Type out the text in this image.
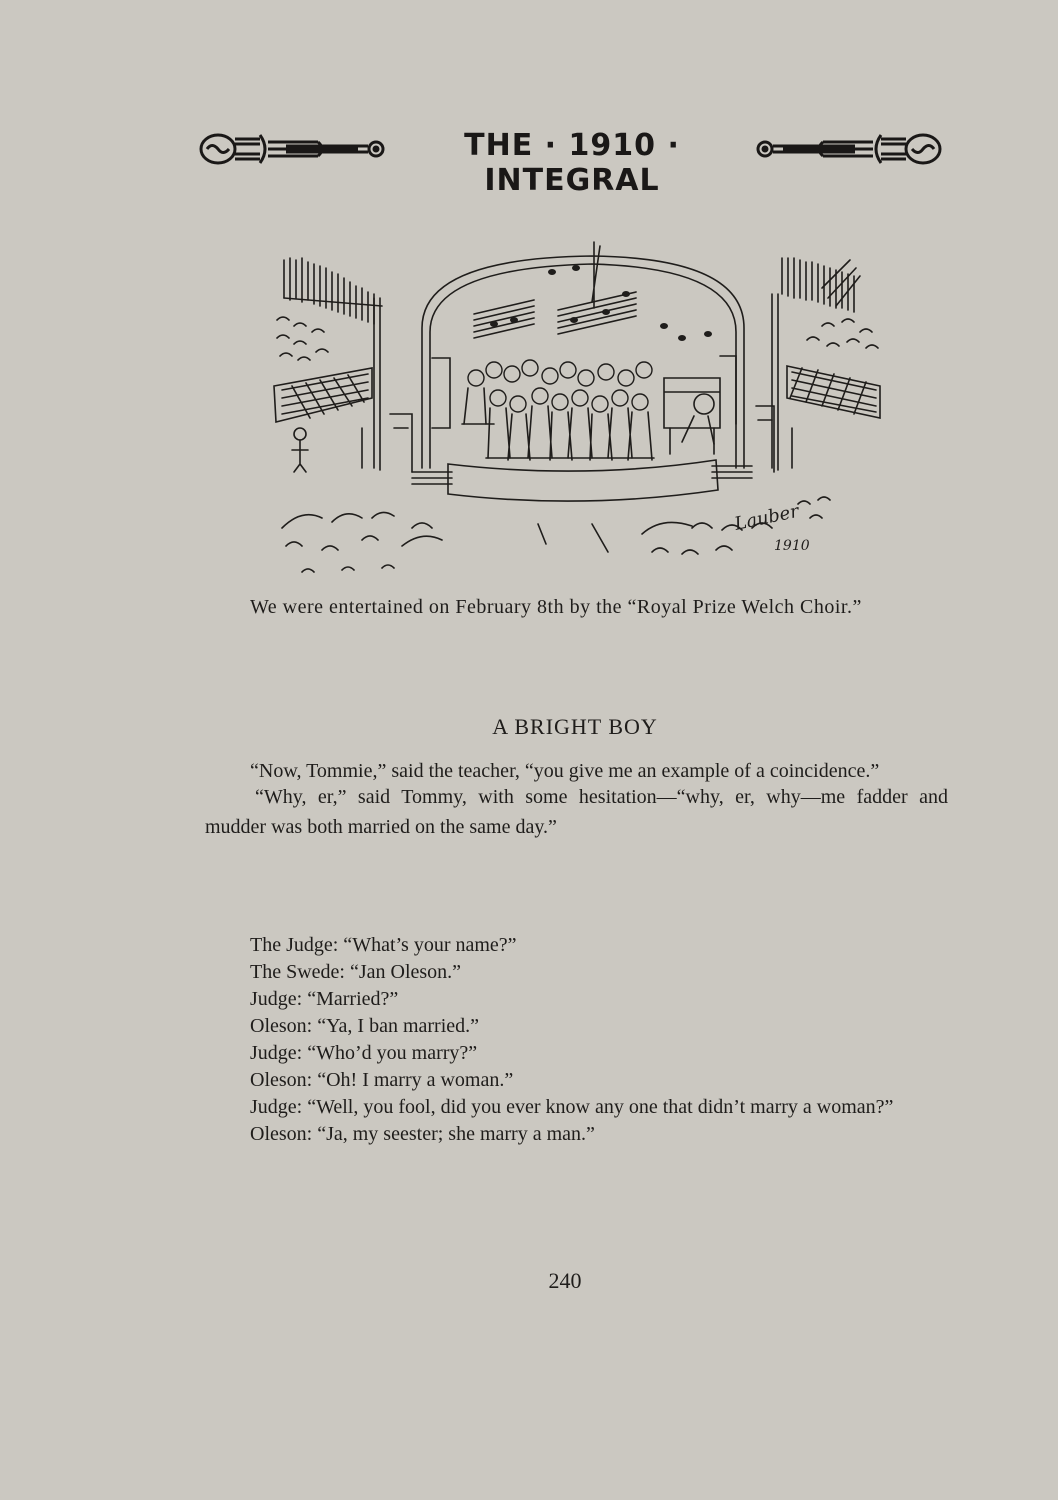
THE · 1910 · INTEGRAL
Lauber
1910
We were entertained on February 8th by the “Royal Prize Welch Choir.”
A BRIGHT BOY
“Now, Tommie,” said the teacher, “you give me an example of a coincidence.”
“Why, er,” said Tommy, with some hesitation—“why, er, why—me fadder and mudder was both married on the same day.”
The Judge: “What’s your name?”
The Swede: “Jan Oleson.”
Judge: “Married?”
Oleson: “Ya, I ban married.”
Judge: “Who’d you marry?”
Oleson: “Oh! I marry a woman.”
Judge: “Well, you fool, did you ever know any one that didn’t marry a woman?”
Oleson: “Ja, my seester; she marry a man.”
240
